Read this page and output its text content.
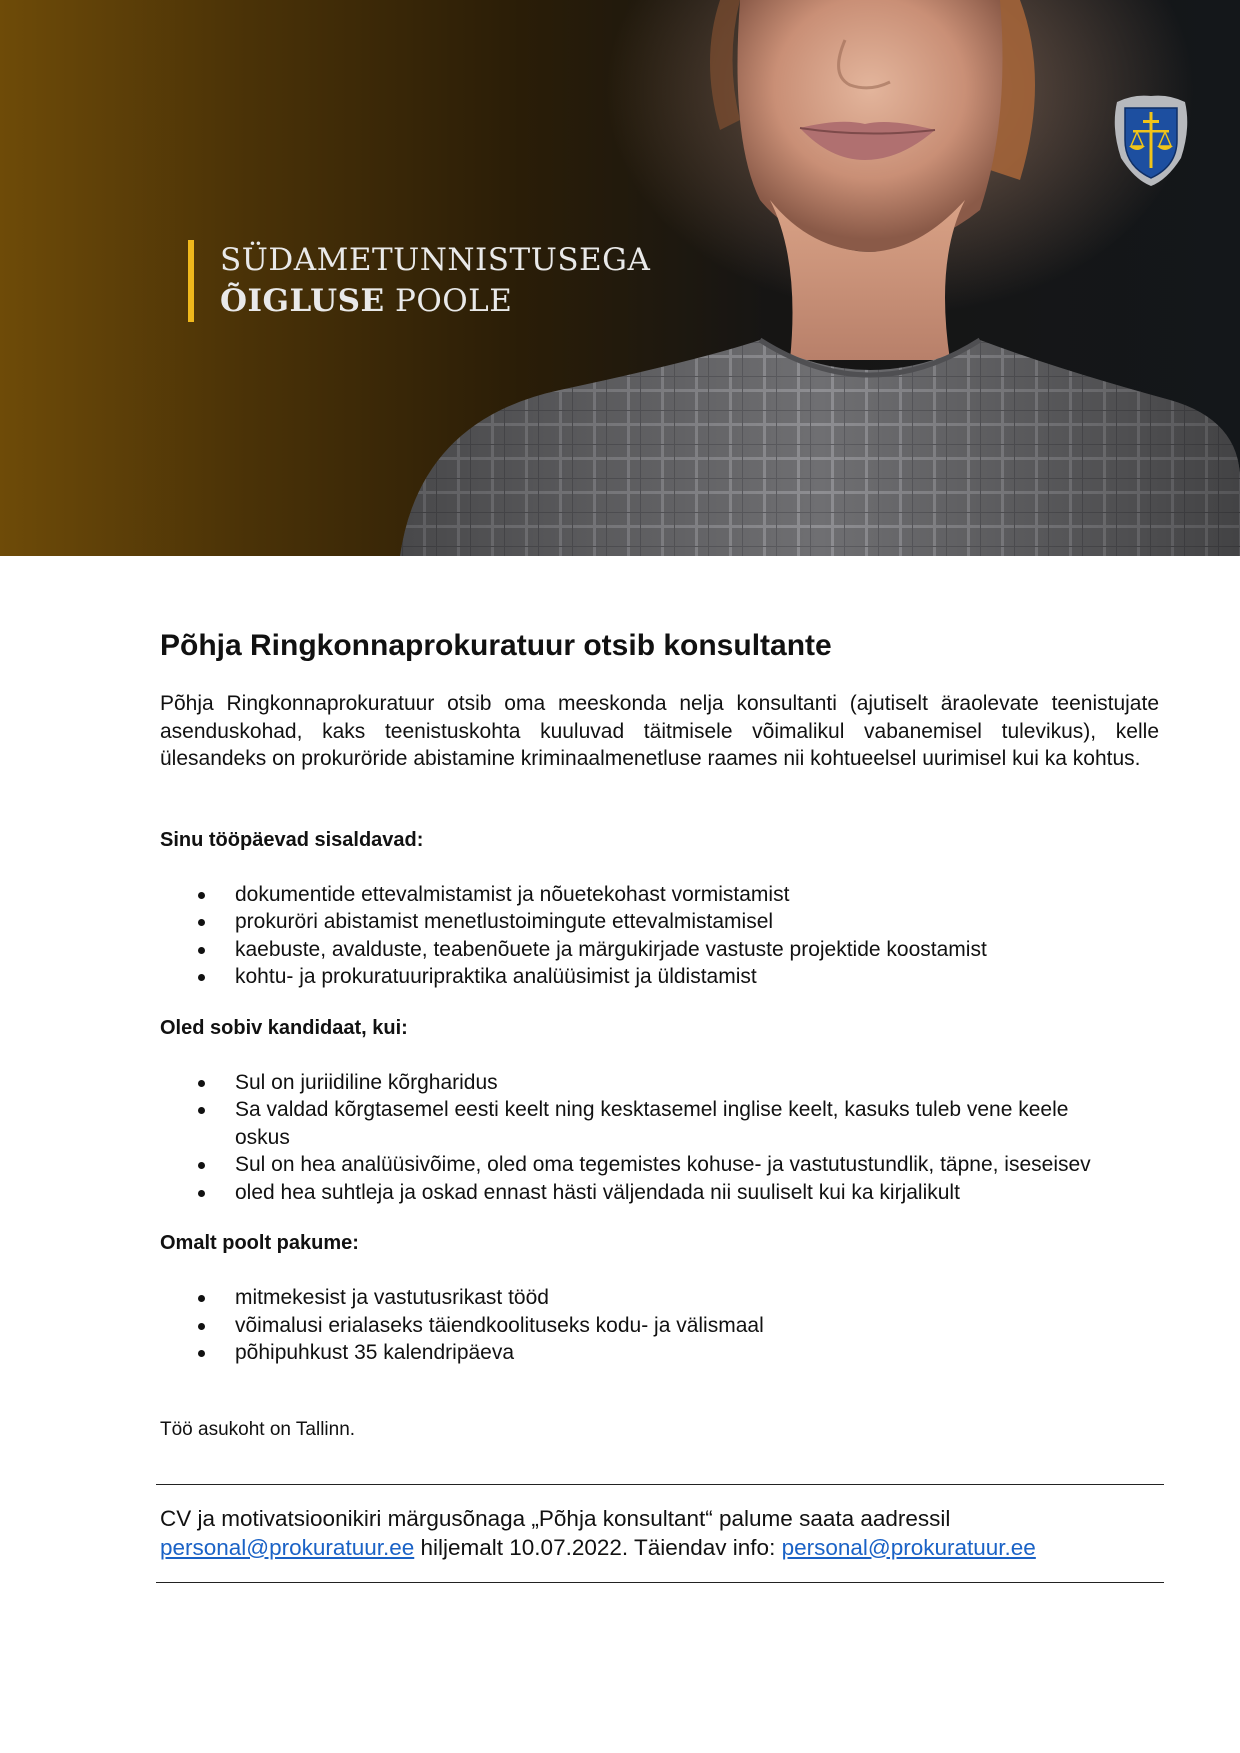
SÜDAMETUNNISTUSEGA
ÕIGLUSE POOLE
Põhja Ringkonnaprokuratuur otsib konsultante

Põhja Ringkonnaprokuratuur otsib oma meeskonda nelja konsultanti (ajutiselt äraolevate teenistujate asenduskohad, kaks teenistuskohta kuuluvad täitmisele võimalikul vabanemisel tulevikus), kelle ülesandeks on prokuröride abistamine kriminaalmenetluse raames nii kohtueelsel uurimisel kui ka kohtus.

Sinu tööpäevad sisaldavad:

dokumentide ettevalmistamist ja nõuetekohast vormistamist
prokuröri abistamist menetlustoimingute ettevalmistamisel
kaebuste, avalduste, teabenõuete ja märgukirjade vastuste projektide koostamist
kohtu- ja prokuratuuripraktika analüüsimist ja üldistamist

Oled sobiv kandidaat, kui:

Sul on juriidiline kõrgharidus
Sa valdad kõrgtasemel eesti keelt ning kesktasemel inglise keelt, kasuks tuleb vene keele oskus
Sul on hea analüüsivõime, oled oma tegemistes kohuse- ja vastutustundlik, täpne, iseseisev
oled hea suhtleja ja oskad ennast hästi väljendada nii suuliselt kui ka kirjalikult

Omalt poolt pakume:

mitmekesist ja vastutusrikast tööd
võimalusi erialaseks täiendkoolituseks kodu- ja välismaal
põhipuhkust 35 kalendripäeva

Töö asukoht on Tallinn.

CV ja motivatsioonikiri märgusõnaga „Põhja konsultant“ palume saata aadressil personal@prokuratuur.ee hiljemalt 10.07.2022. Täiendav info: personal@prokuratuur.ee
